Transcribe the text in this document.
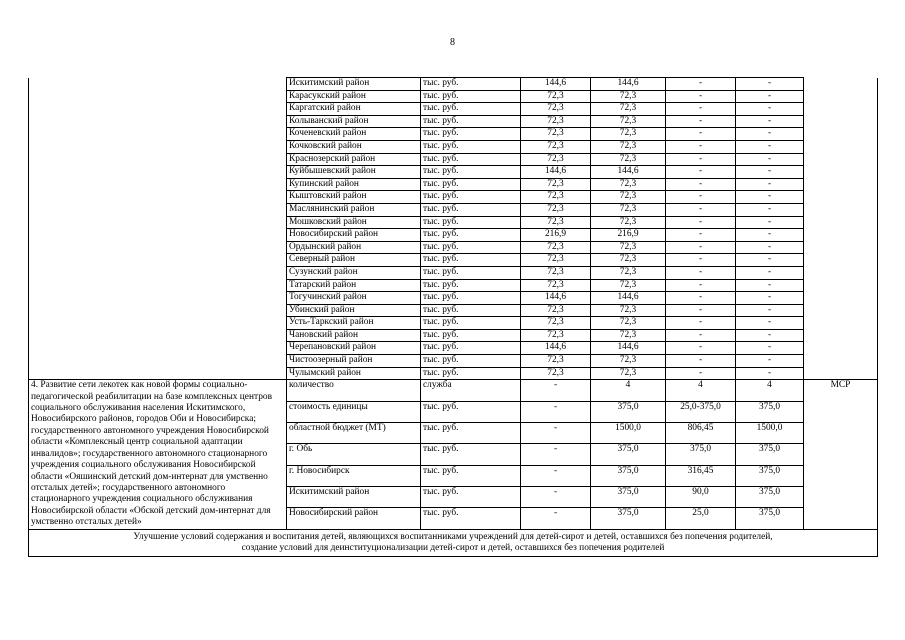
8
	Искитимский район	тыс. руб.	144,6	144,6	-	-	
	Карасукский район	тыс. руб.	72,3	72,3	-	-	
	Каргатский район	тыс. руб.	72,3	72,3	-	-	
	Колыванский район	тыс. руб.	72,3	72,3	-	-	
	Коченевский район	тыс. руб.	72,3	72,3	-	-	
	Кочковский район	тыс. руб.	72,3	72,3	-	-	
	Краснозерский район	тыс. руб.	72,3	72,3	-	-	
	Куйбышевский район	тыс. руб.	144,6	144,6	-	-	
	Купинский район	тыс. руб.	72,3	72,3	-	-	
	Кыштовский район	тыс. руб.	72,3	72,3	-	-	
	Маслянинский район	тыс. руб.	72,3	72,3	-	-	
	Мошковский район	тыс. руб.	72,3	72,3	-	-	
	Новосибирский район	тыс. руб.	216,9	216,9	-	-	
	Ордынский район	тыс. руб.	72,3	72,3	-	-	
	Северный район	тыс. руб.	72,3	72,3	-	-	
	Сузунский район	тыс. руб.	72,3	72,3	-	-	
	Татарский район	тыс. руб.	72,3	72,3	-	-	
	Тогучинский район	тыс. руб.	144,6	144,6	-	-	
	Убинский район	тыс. руб.	72,3	72,3	-	-	
	Усть-Таркский район	тыс. руб.	72,3	72,3	-	-	
	Чановский район	тыс. руб.	72,3	72,3	-	-	
	Черепановский район	тыс. руб.	144,6	144,6	-	-	
	Чистоозерный район	тыс. руб.	72,3	72,3	-	-	
	Чулымский район	тыс. руб.	72,3	72,3	-	-	
4. Развитие сети лекотек как новой формы социально-педагогической реабилитации на базе комплексных центров социального обслуживания населения Искитимского, Новосибирского районов, городов Оби и Новосибирска; государственного автономного учреждения Новосибирской области «Комплексный центр социальной адаптации инвалидов»; государственного автономного стационарного учреждения социального обслуживания Новосибирской области «Ояшинский детский дом-интернат для умственно отсталых детей»; государственного автономного стационарного учреждения социального обслуживания Новосибирской области «Обской детский дом-интернат для умственно отсталых детей»	количество	служба	-	4	4	4	МСР
	стоимость единицы	тыс. руб.	-	375,0	25,0-375,0	375,0	
	областной бюджет (МТ)	тыс. руб.	-	1500,0	806,45	1500,0	
	г. Обь	тыс. руб.	-	375,0	375,0	375,0	
	г. Новосибирск	тыс. руб.	-	375,0	316,45	375,0	
	Искитимский район	тыс. руб.	-	375,0	90,0	375,0	
	Новосибирский район	тыс. руб.	-	375,0	25,0	375,0	

Улучшение условий содержания и воспитания детей, являющихся воспитанниками учреждений для детей-сирот и детей, оставшихся без попечения родителей,
создание условий для деинституционализации детей-сирот и детей, оставшихся без попечения родителей							
